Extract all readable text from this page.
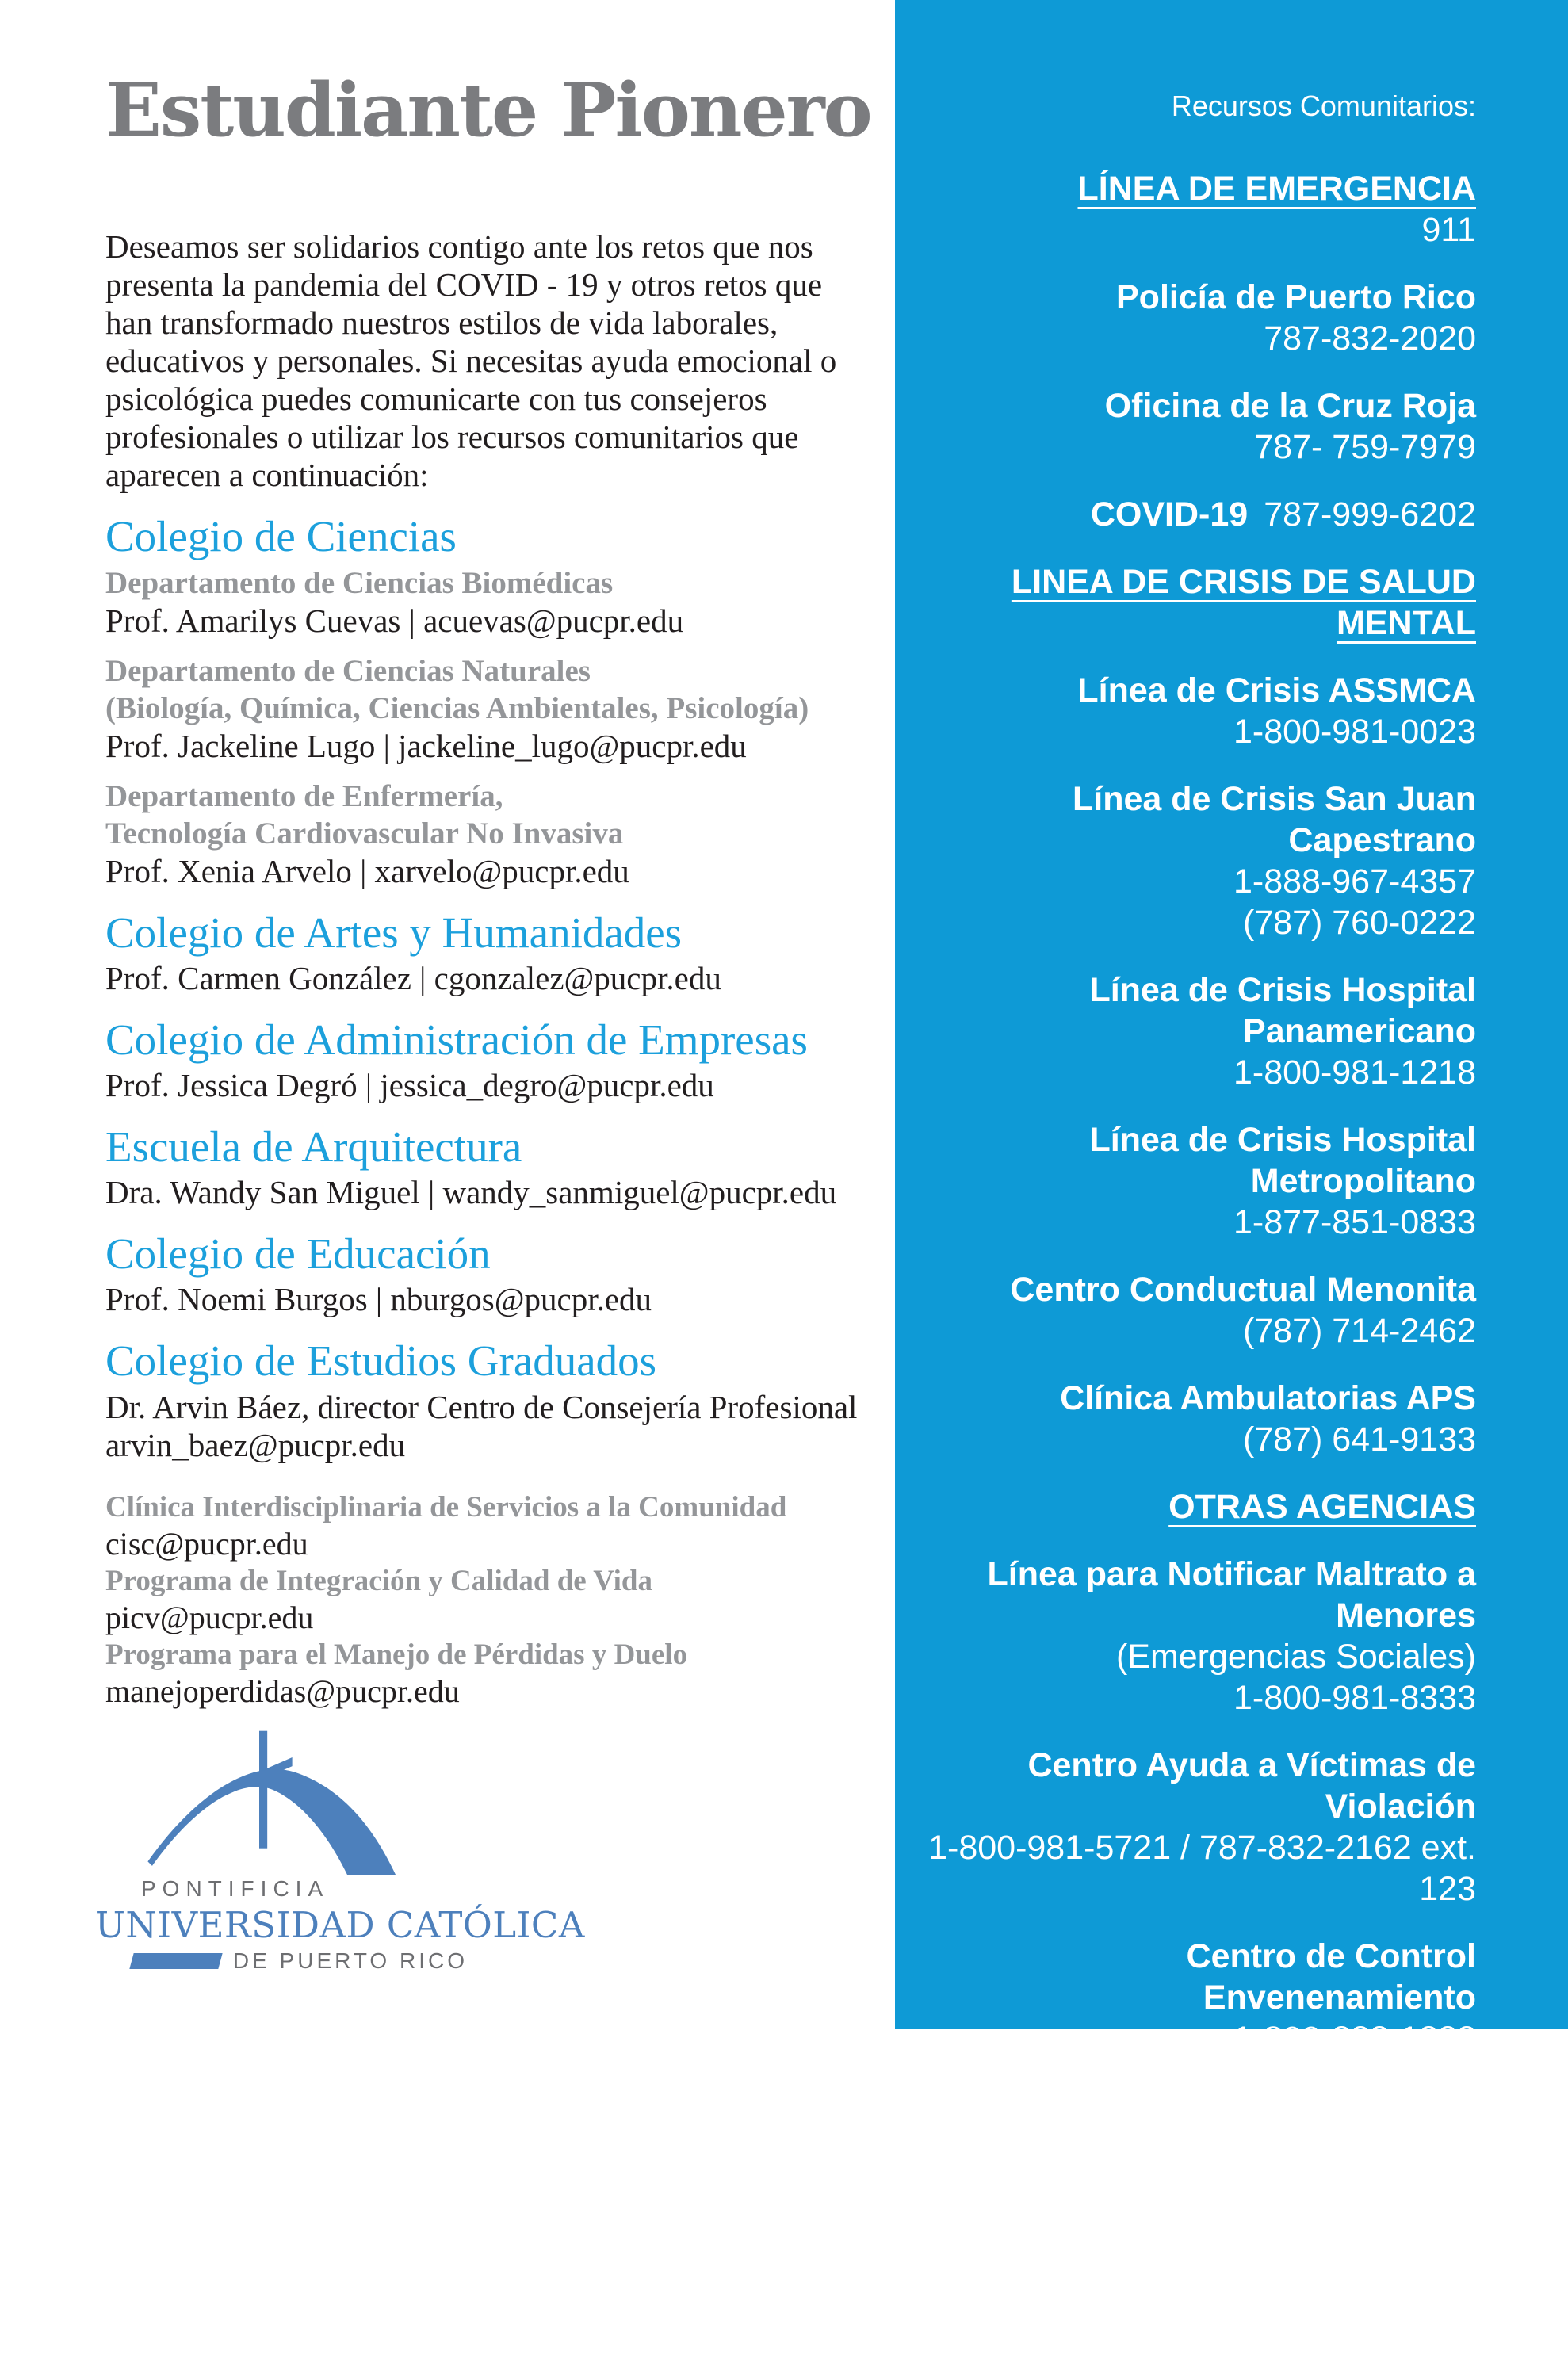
Estudiante Pionero
Deseamos ser solidarios contigo ante los retos que nos
presenta la pandemia del COVID - 19 y otros retos que
han transformado nuestros estilos de vida laborales,
educativos y personales. Si necesitas ayuda emocional o
psicológica puedes comunicarte con tus consejeros
profesionales o utilizar los recursos comunitarios que
aparecen a continuación:
Colegio de Ciencias
Departamento de Ciencias Biomédicas
Prof. Amarilys Cuevas | acuevas@pucpr.edu
Departamento de Ciencias Naturales
(Biología, Química, Ciencias Ambientales, Psicología)
Prof. Jackeline Lugo | jackeline_lugo@pucpr.edu
Departamento de Enfermería,
Tecnología Cardiovascular No Invasiva
Prof. Xenia Arvelo | xarvelo@pucpr.edu
Colegio de Artes y Humanidades
Prof. Carmen González | cgonzalez@pucpr.edu
Colegio de Administración de Empresas
Prof. Jessica Degró | jessica_degro@pucpr.edu
Escuela de Arquitectura
Dra. Wandy San Miguel | wandy_sanmiguel@pucpr.edu
Colegio de Educación
Prof. Noemi Burgos | nburgos@pucpr.edu
Colegio de Estudios Graduados
Dr. Arvin Báez, director Centro de Consejería Profesional
arvin_baez@pucpr.edu
Clínica Interdisciplinaria de Servicios a la Comunidad
cisc@pucpr.edu
Programa de Integración y Calidad de Vida
picv@pucpr.edu
Programa para el Manejo de Pérdidas y Duelo
manejoperdidas@pucpr.edu
PONTIFICIA
UNIVERSIDAD CATÓLICA
DE PUERTO RICO
Recursos Comunitarios:
LÍNEA DE EMERGENCIA
911
Policía de Puerto Rico
787-832-2020
Oficina de la Cruz Roja
787- 759-7979
COVID-19 787-999-6202
LINEA DE CRISIS DE SALUD MENTAL
Línea de Crisis ASSMCA
1-800-981-0023
Línea de Crisis San Juan Capestrano
1-888-967-4357
(787) 760-0222
Línea de Crisis Hospital Panamericano
1-800-981-1218
Línea de Crisis Hospital Metropolitano
1-877-851-0833
Centro Conductual Menonita
(787) 714-2462
Clínica Ambulatorias APS
(787) 641-9133
OTRAS AGENCIAS
Línea para Notificar Maltrato a Menores
(Emergencias Sociales)
1-800-981-8333
Centro Ayuda a Víctimas de Violación
1-800-981-5721 / 787-832-2162 ext. 123
Centro de Control Envenenamiento
1-800-222-1222
Procuradora de la Mujer
1-800-722-2977 (24 horas)
Panamericano Ponce Hospital de Damas
(adultos), Ponce
787-842-0045 / 0047/ 0049
